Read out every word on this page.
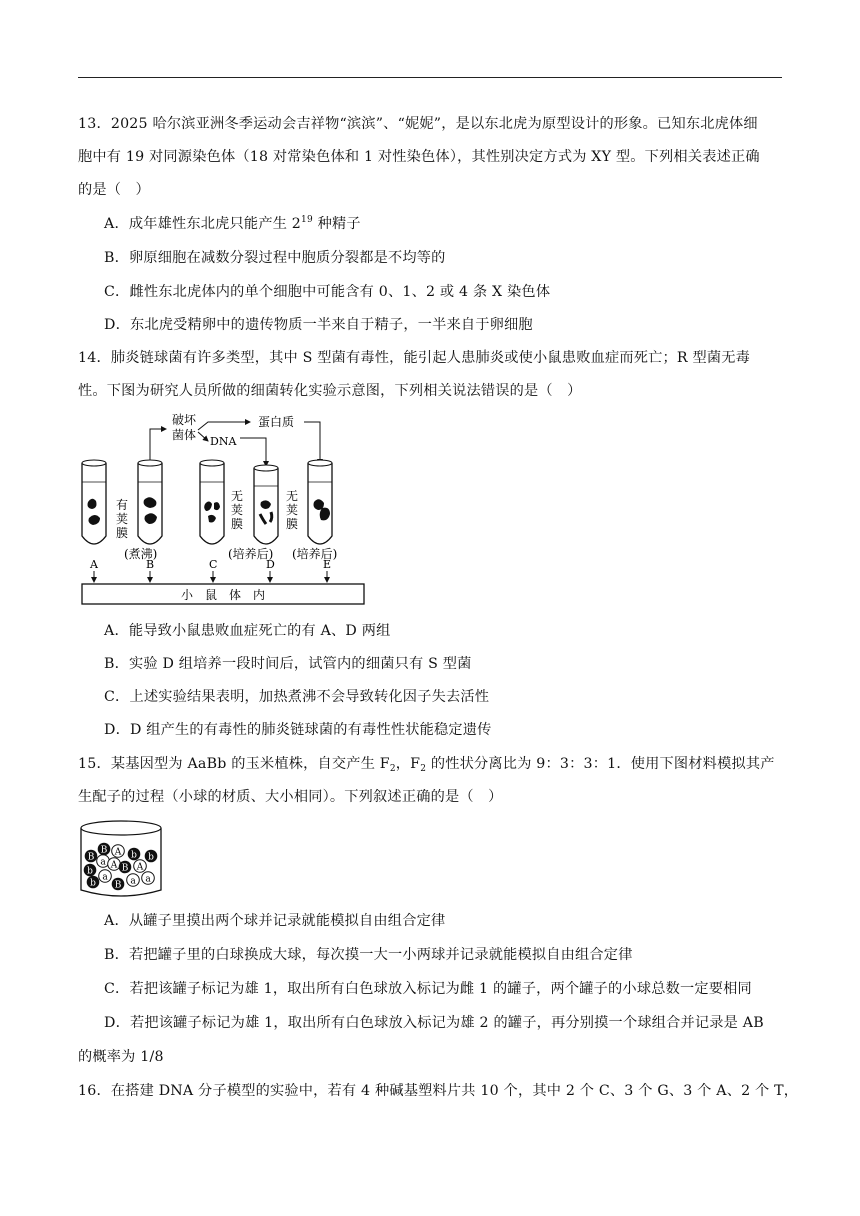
13．2025 哈尔滨亚洲冬季运动会吉祥物“滨滨”、“妮妮”，是以东北虎为原型设计的形象。已知东北虎体细
胞中有 19 对同源染色体（18 对常染色体和 1 对性染色体），其性别决定方式为 XY 型。下列相关表述正确
的是（　）
A．成年雄性东北虎只能产生 $2^{19}$ 种精子
B．卵原细胞在减数分裂过程中胞质分裂都是不均等的
C．雌性东北虎体内的单个细胞中可能含有 0、1、2 或 4 条 X 染色体
D．东北虎受精卵中的遗传物质一半来自于精子，一半来自于卵细胞
14．肺炎链球菌有许多类型，其中 S 型菌有毒性，能引起人患肺炎或使小鼠患败血症而死亡；R 型菌无毒
性。下图为研究人员所做的细菌转化实验示意图，下列相关说法错误的是（　）
破坏
菌体
蛋白质
DNA
有
荚
膜
(煮沸)
无
荚
膜
无
荚
膜
(培养后) (培养后)
A	B	C	D	E
小　鼠　体　内
A．能导致小鼠患败血症死亡的有 A、D 两组
B．实验 D 组培养一段时间后，试管内的细菌只有 S 型菌
C．上述实验结果表明，加热煮沸不会导致转化因子失去活性
D．D 组产生的有毒性的肺炎链球菌的有毒性性状能稳定遗传
15．某基因型为 AaBb 的玉米植株，自交产生 $F_2$，$F_2$ 的性状分离比为 9：3：3：1．使用下图材料模拟其产
生配子的过程（小球的材质、大小相同）。下列叙述正确的是（　）
b
a A
A
B	b
B A
b
B
b
a
B a a
A．从罐子里摸出两个球并记录就能模拟自由组合定律
B．若把罐子里的白球换成大球，每次摸一大一小两球并记录就能模拟自由组合定律
C．若把该罐子标记为雄 1，取出所有白色球放入标记为雌 1 的罐子，两个罐子的小球总数一定要相同
D．若把该罐子标记为雄 1，取出所有白色球放入标记为雄 2 的罐子，再分别摸一个球组合并记录是 AB
的概率为 1/8
16．在搭建 DNA 分子模型的实验中，若有 4 种碱基塑料片共 10 个，其中 2 个 C、3 个 G、3 个 A、2 个 T，
